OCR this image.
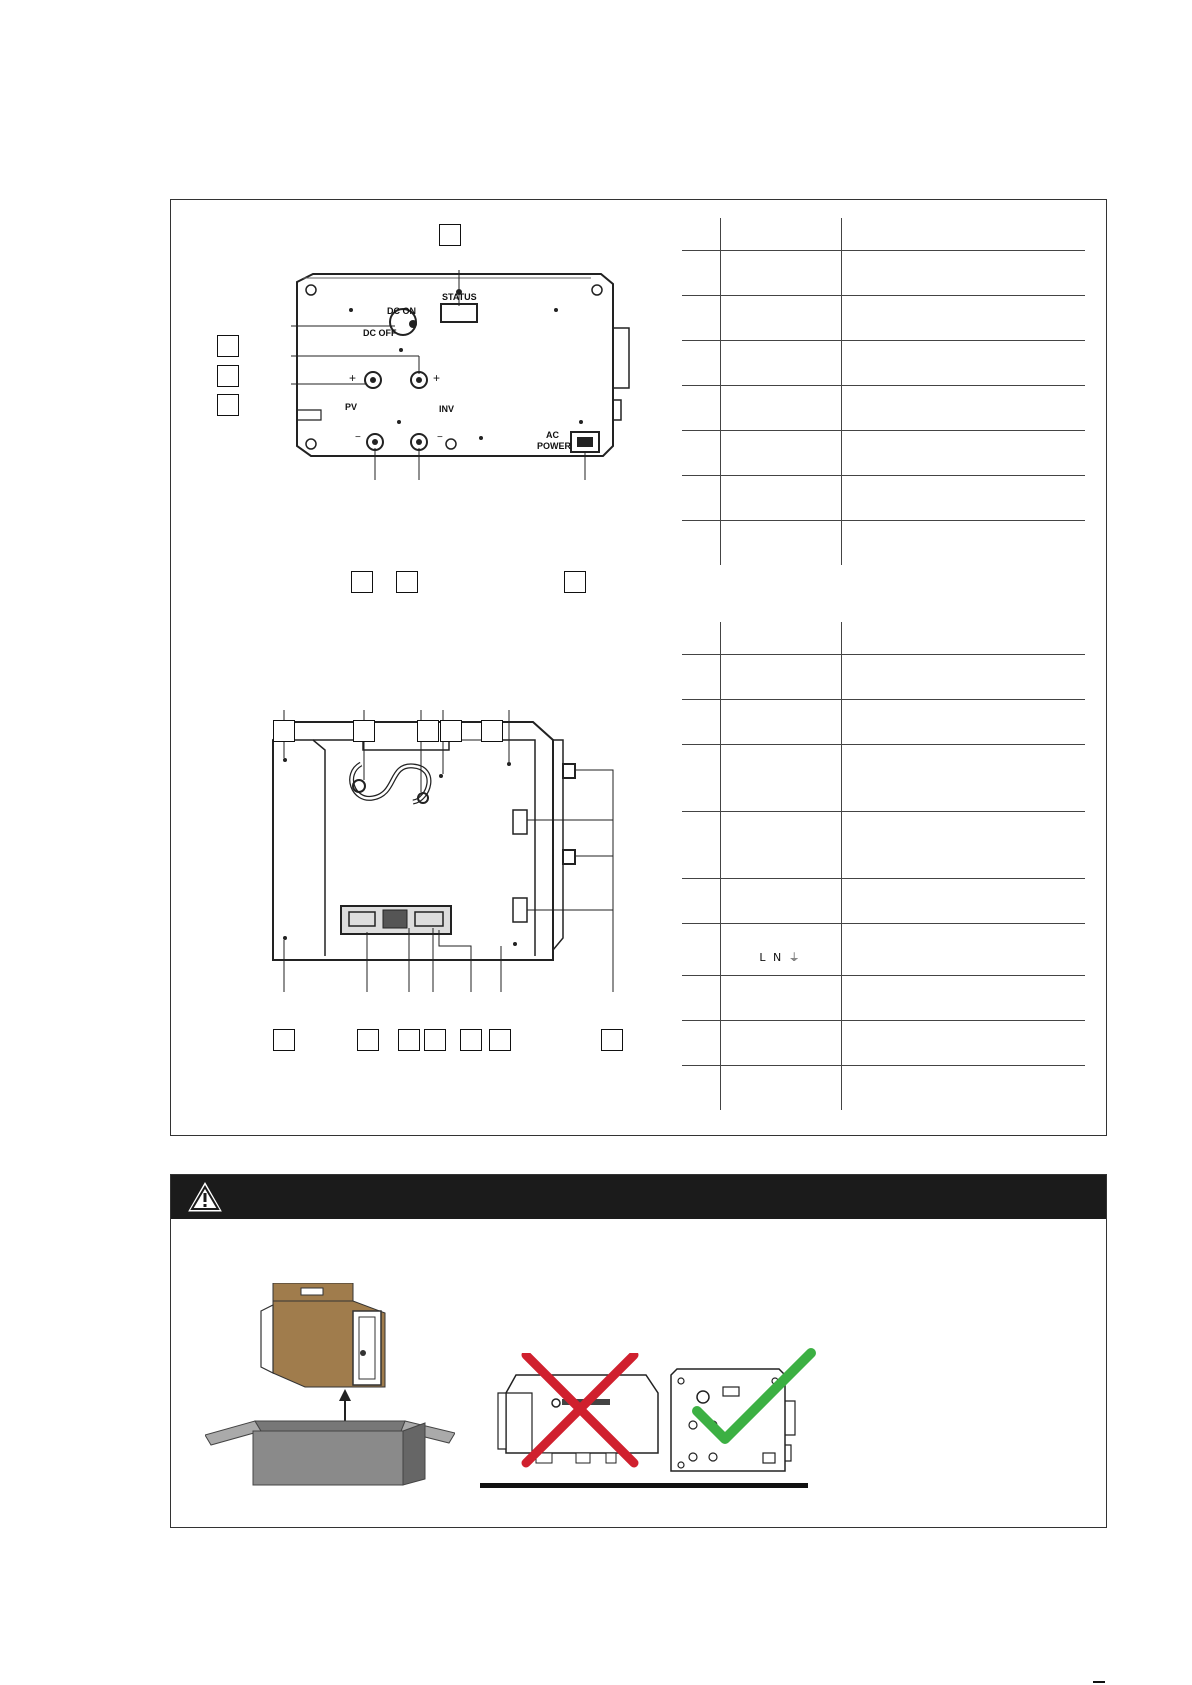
DC ON
DC OFF
STATUS
PV	INV
AC
POWER
+	+
−	−

	$_{L N ⏚}$	
